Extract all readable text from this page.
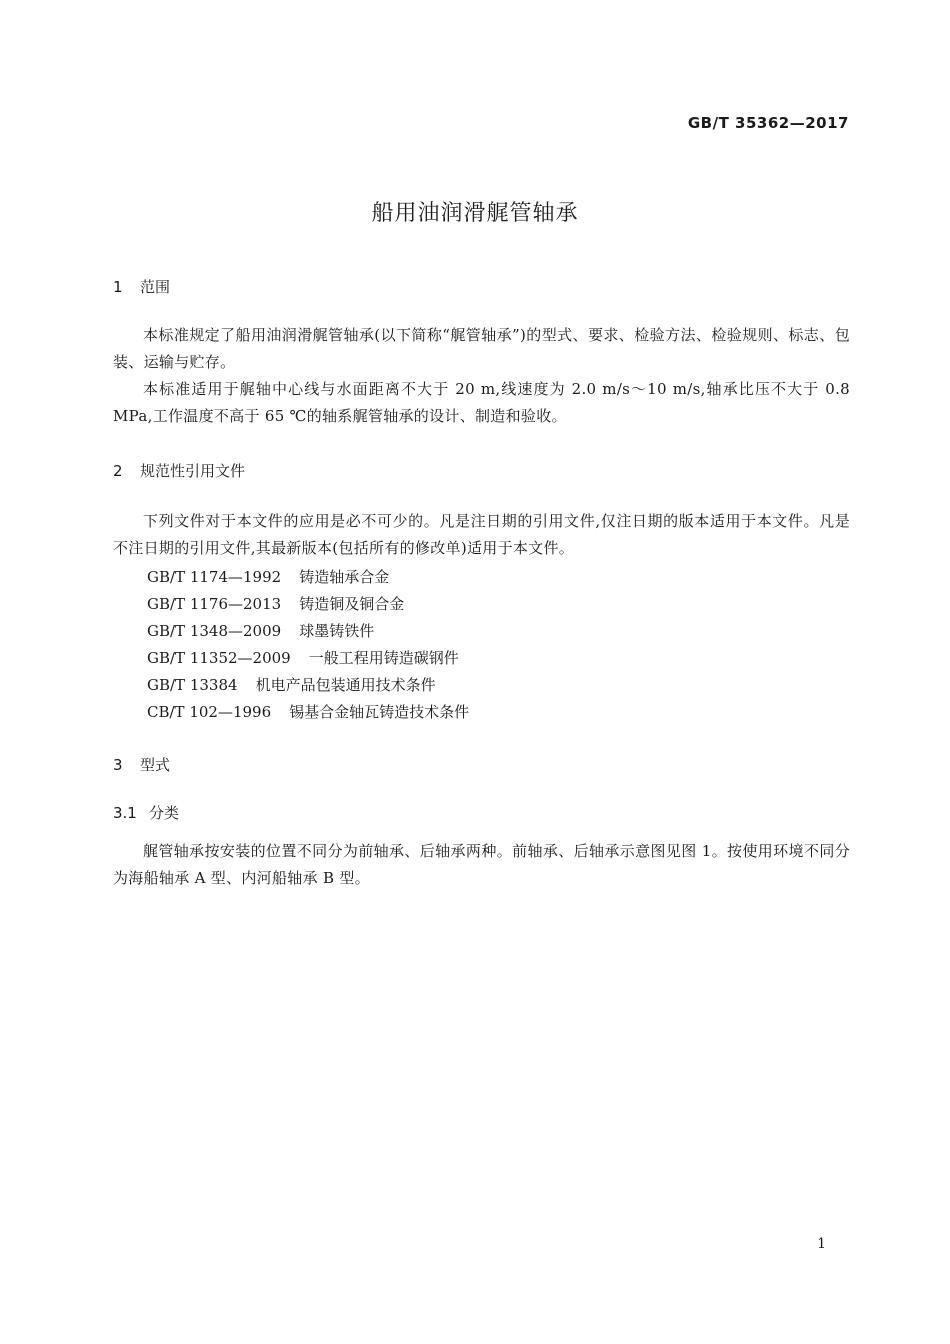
GB/T 35362—2017
船用油润滑艉管轴承
1 范围

本标准规定了船用油润滑艉管轴承(以下简称“艉管轴承”)的型式、要求、检验方法、检验规则、标志、包装、运输与贮存。

本标准适用于艉轴中心线与水面距离不大于 20 m,线速度为 2.0 m/s～10 m/s,轴承比压不大于 0.8 MPa,工作温度不高于 65 ℃的轴系艉管轴承的设计、制造和验收。

2 规范性引用文件

下列文件对于本文件的应用是必不可少的。凡是注日期的引用文件,仅注日期的版本适用于本文件。凡是不注日期的引用文件,其最新版本(包括所有的修改单)适用于本文件。

GB/T 1174—1992 铸造轴承合金
GB/T 1176—2013 铸造铜及铜合金
GB/T 1348—2009 球墨铸铁件
GB/T 11352—2009 一般工程用铸造碳钢件
GB/T 13384 机电产品包装通用技术条件
CB/T 102—1996 锡基合金轴瓦铸造技术条件
3 型式
3.1 分类

艉管轴承按安装的位置不同分为前轴承、后轴承两种。前轴承、后轴承示意图见图 1。按使用环境不同分为海船轴承 A 型、内河船轴承 B 型。

1
